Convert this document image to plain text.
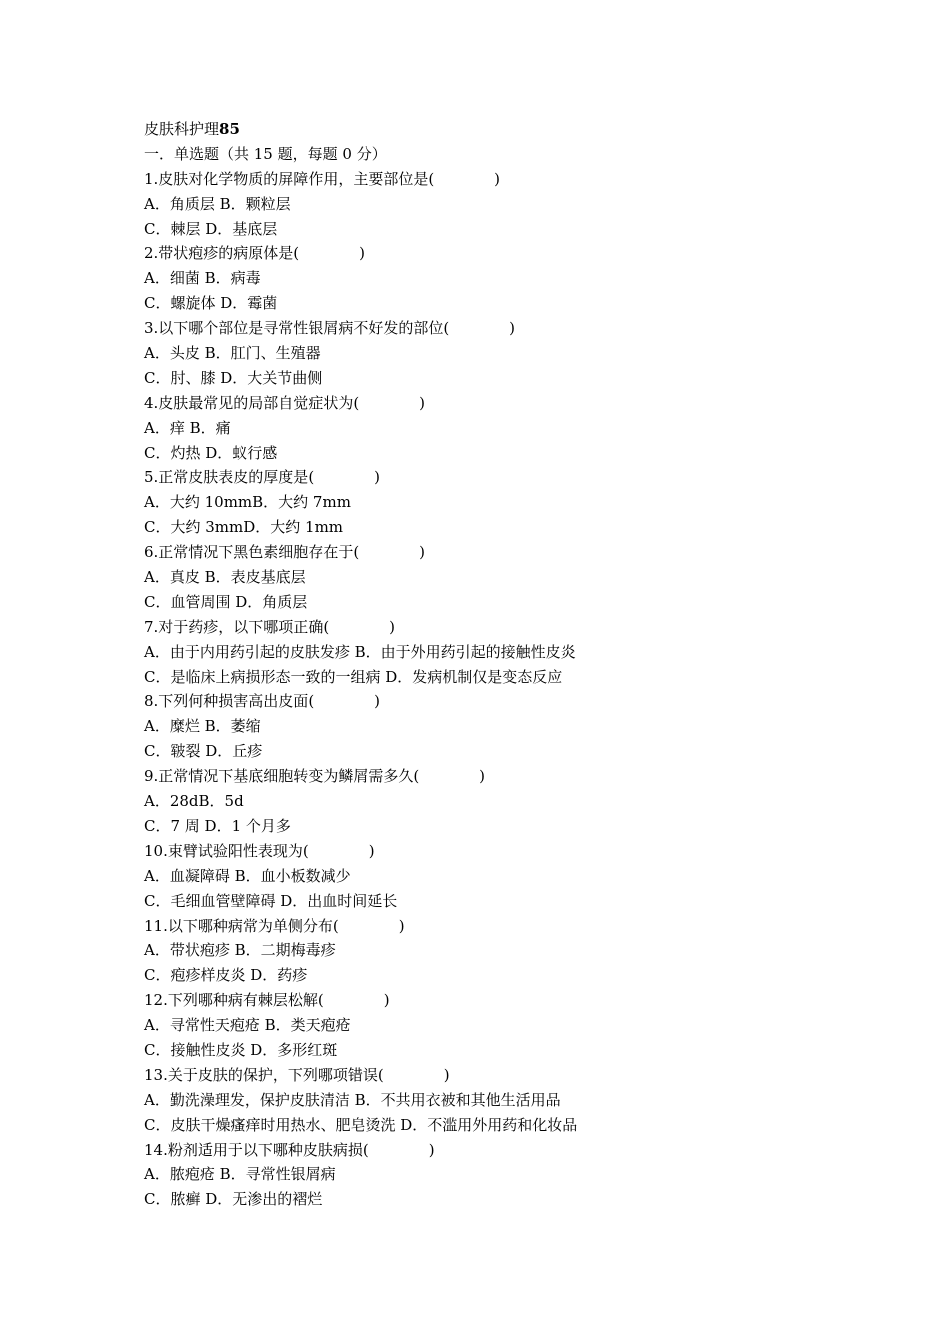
皮肤科护理85
一．单选题（共 15 题，每题 0 分）
1.皮肤对化学物质的屏障作用，主要部位是(　　　　)
A．角质层 B．颗粒层
C．棘层 D．基底层
2.带状疱疹的病原体是(　　　　)
A．细菌 B．病毒
C．螺旋体 D．霉菌
3.以下哪个部位是寻常性银屑病不好发的部位(　　　　)
A．头皮 B．肛门、生殖器
C．肘、膝 D．大关节曲侧
4.皮肤最常见的局部自觉症状为(　　　　)
A．痒 B．痛
C．灼热 D．蚁行感
5.正常皮肤表皮的厚度是(　　　　)
A．大约 10mmB．大约 7mm
C．大约 3mmD．大约 1mm
6.正常情况下黑色素细胞存在于(　　　　)
A．真皮 B．表皮基底层
C．血管周围 D．角质层
7.对于药疹，以下哪项正确(　　　　)
A．由于内用药引起的皮肤发疹 B．由于外用药引起的接触性皮炎
C．是临床上病损形态一致的一组病 D．发病机制仅是变态反应
8.下列何种损害高出皮面(　　　　)
A．糜烂 B．萎缩
C．皲裂 D．丘疹
9.正常情况下基底细胞转变为鳞屑需多久(　　　　)
A．28dB．5d
C．7 周 D．1 个月多
10.束臂试验阳性表现为(　　　　)
A．血凝障碍 B．血小板数减少
C．毛细血管壁障碍 D．出血时间延长
11.以下哪种病常为单侧分布(　　　　)
A．带状疱疹 B．二期梅毒疹
C．疱疹样皮炎 D．药疹
12.下列哪种病有棘层松解(　　　　)
A．寻常性天疱疮 B．类天疱疮
C．接触性皮炎 D．多形红斑
13.关于皮肤的保护，下列哪项错误(　　　　)
A．勤洗澡理发，保护皮肤清洁 B．不共用衣被和其他生活用品
C．皮肤干燥瘙痒时用热水、肥皂烫洗 D．不滥用外用药和化妆品
14.粉剂适用于以下哪种皮肤病损(　　　　)
A．脓疱疮 B．寻常性银屑病
C．脓癣 D．无渗出的褶烂
